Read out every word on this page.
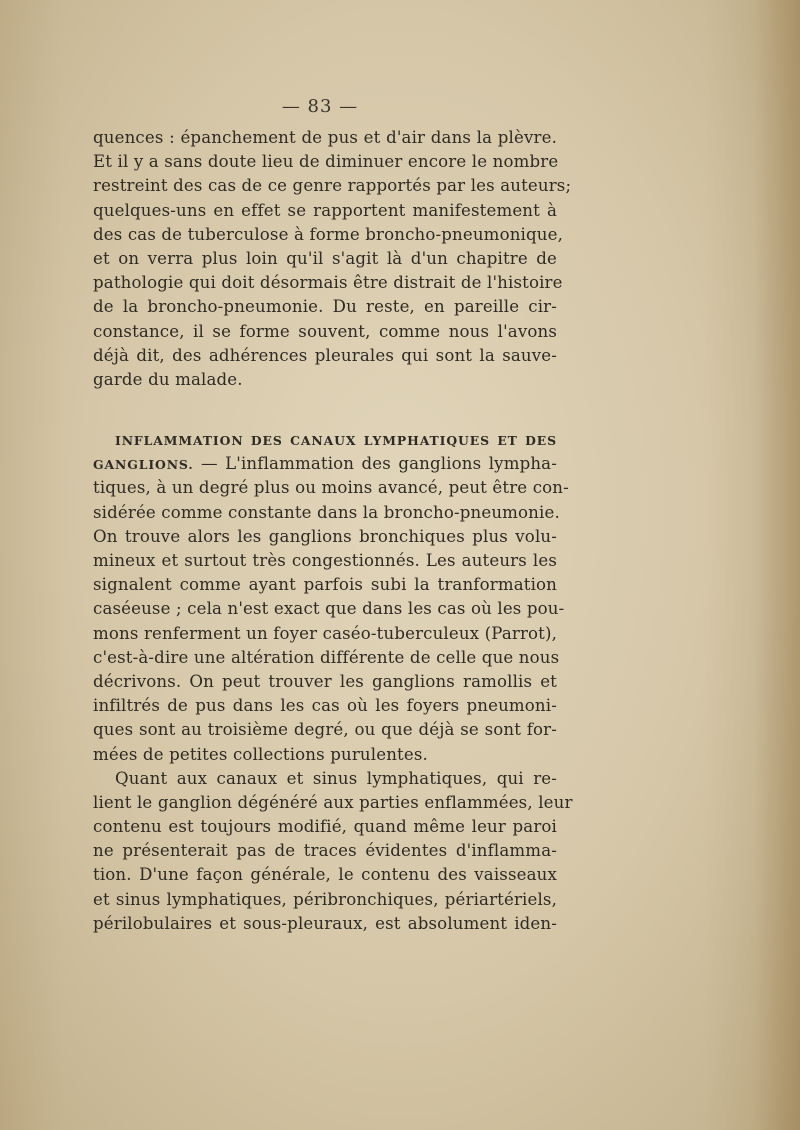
— 83 —
quences : épanchement de pus et d'air dans la plèvre.
Et il y a sans doute lieu de diminuer encore le nombre
restreint des cas de ce genre rapportés par les auteurs;
quelques-uns en effet se rapportent manifestement à
des cas de tuberculose à forme broncho-pneumonique,
et on verra plus loin qu'il s'agit là d'un chapitre de
pathologie qui doit désormais être distrait de l'histoire
de la broncho-pneumonie. Du reste, en pareille cir-
constance, il se forme souvent, comme nous l'avons
déjà dit, des adhérences pleurales qui sont la sauve-
garde du malade.
INFLAMMATION DES CANAUX LYMPHATIQUES ET DES
GANGLIONS. — L'inflammation des ganglions lympha-
tiques, à un degré plus ou moins avancé, peut être con-
sidérée comme constante dans la broncho-pneumonie.
On trouve alors les ganglions bronchiques plus volu-
mineux et surtout très congestionnés. Les auteurs les
signalent comme ayant parfois subi la tranformation
caséeuse ; cela n'est exact que dans les cas où les pou-
mons renferment un foyer caséo-tuberculeux (Parrot),
c'est-à-dire une altération différente de celle que nous
décrivons. On peut trouver les ganglions ramollis et
infiltrés de pus dans les cas où les foyers pneumoni-
ques sont au troisième degré, ou que déjà se sont for-
mées de petites collections purulentes.
Quant aux canaux et sinus lymphatiques, qui re-
lient le ganglion dégénéré aux parties enflammées, leur
contenu est toujours modifié, quand même leur paroi
ne présenterait pas de traces évidentes d'inflamma-
tion. D'une façon générale, le contenu des vaisseaux
et sinus lymphatiques, péribronchiques, périartériels,
périlobulaires et sous-pleuraux, est absolument iden-
